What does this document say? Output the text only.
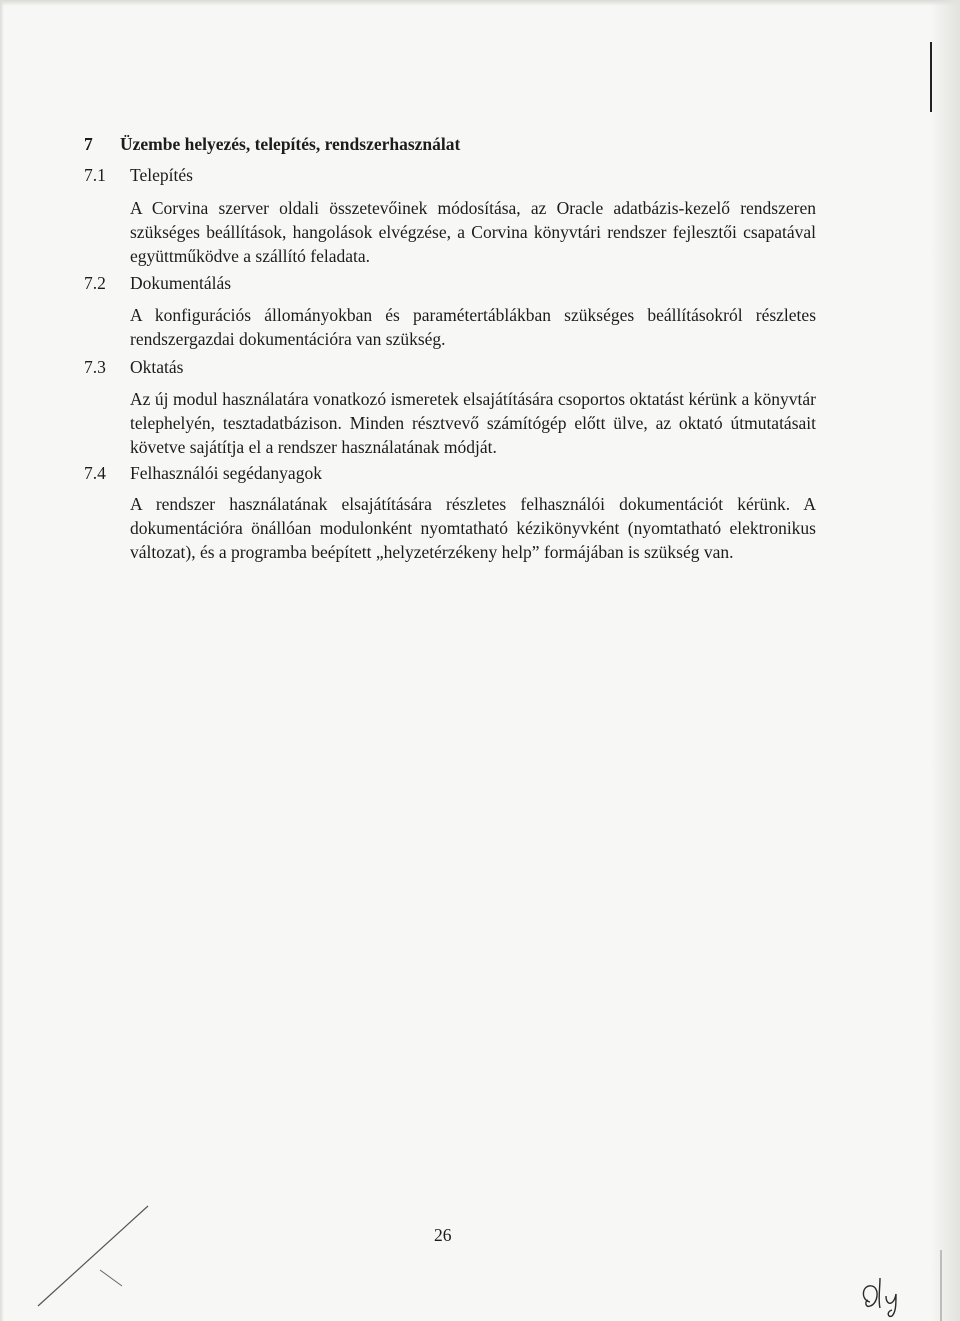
7 Üzembe helyezés, telepítés, rendszerhasználat
7.1 Telepítés
A Corvina szerver oldali összetevőinek módosítása, az Oracle adatbázis-kezelő rendszeren szükséges beállítások, hangolások elvégzése, a Corvina könyvtári rendszer fejlesztői csapatával együttműködve a szállító feladata.
7.2 Dokumentálás
A konfigurációs állományokban és paramétertáblákban szükséges beállításokról részletes rendszergazdai dokumentációra van szükség.
7.3 Oktatás
Az új modul használatára vonatkozó ismeretek elsajátítására csoportos oktatást kérünk a könyvtár telephelyén, tesztadatbázison. Minden résztvevő számítógép előtt ülve, az oktató útmutatásait követve sajátítja el a rendszer használatának módját.
7.4 Felhasználói segédanyagok
A rendszer használatának elsajátítására részletes felhasználói dokumentációt kérünk. A dokumentációra önállóan modulonként nyomtatható kézikönyvként (nyomtatható elektronikus változat), és a programba beépített „helyzetérzékeny help” formájában is szükség van.
26
